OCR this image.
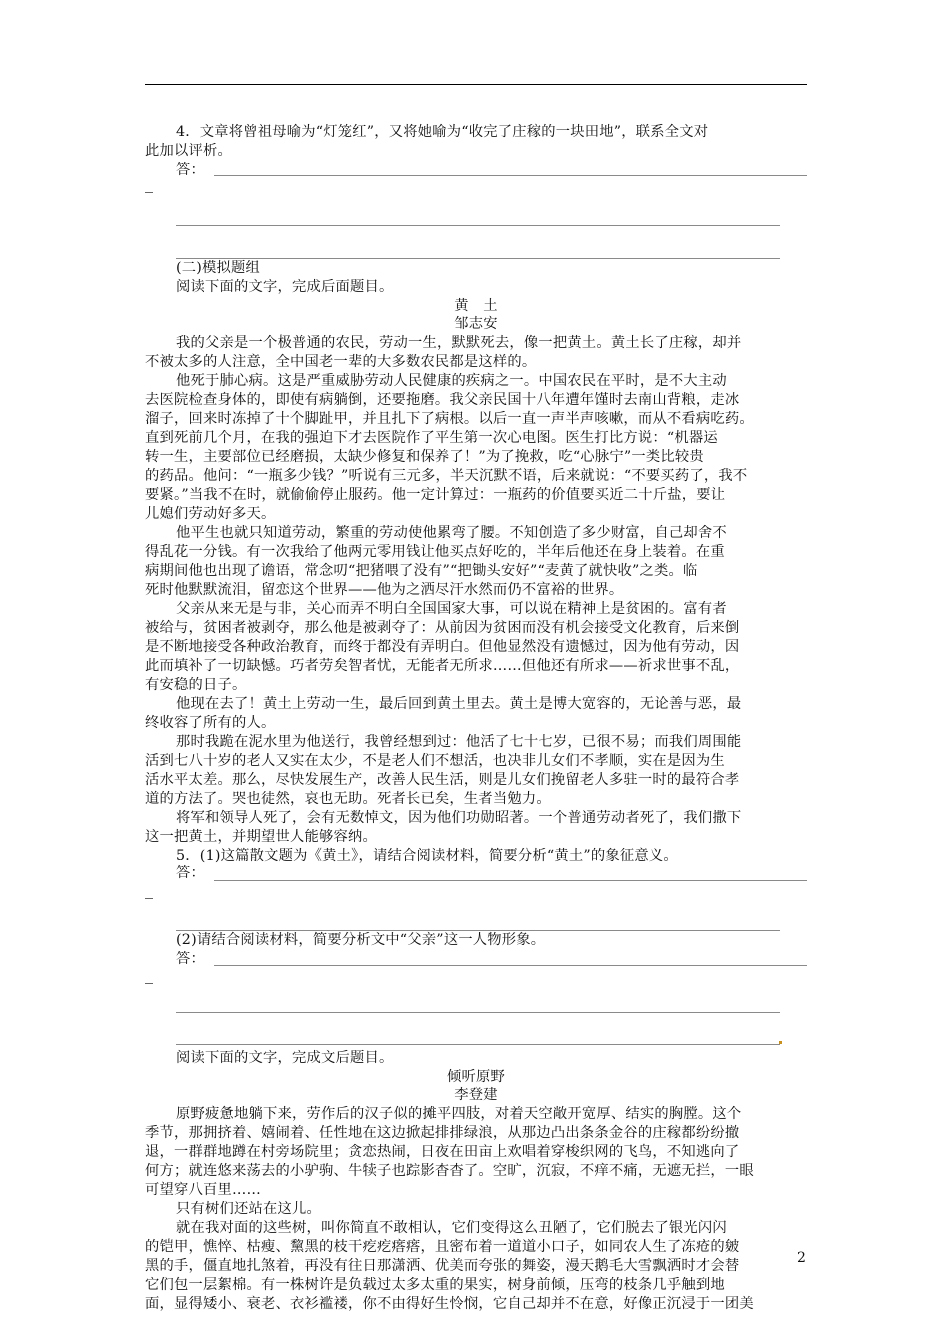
4．文章将曾祖母喻为“灯笼红”，又将她喻为“收完了庄稼的一块田地”，联系全文对
此加以评析。
答：
(二)模拟题组
阅读下面的文字，完成后面题目。
黄　土
邹志安
我的父亲是一个极普通的农民，劳动一生，默默死去，像一把黄土。黄土长了庄稼，却并
不被太多的人注意，全中国老一辈的大多数农民都是这样的。
他死于肺心病。这是严重威胁劳动人民健康的疾病之一。中国农民在平时，是不大主动
去医院检查身体的，即使有病躺倒，还要拖磨。我父亲民国十八年遭年馑时去南山背粮，走冰
溜子，回来时冻掉了十个脚趾甲，并且扎下了病根。以后一直一声半声咳嗽，而从不看病吃药。
直到死前几个月，在我的强迫下才去医院作了平生第一次心电图。医生打比方说：“机器运
转一生，主要部位已经磨损，太缺少修复和保养了！”为了挽救，吃“心脉宁”一类比较贵
的药品。他问：“一瓶多少钱？”听说有三元多，半天沉默不语，后来就说：“不要买药了，我不
要紧。”当我不在时，就偷偷停止服药。他一定计算过：一瓶药的价值要买近二十斤盐，要让
儿媳们劳动好多天。
他平生也就只知道劳动，繁重的劳动使他累弯了腰。不知创造了多少财富，自己却舍不
得乱花一分钱。有一次我给了他两元零用钱让他买点好吃的，半年后他还在身上装着。在重
病期间他也出现了谵语，常念叨“把猪喂了没有”“把锄头安好”“麦黄了就快收”之类。临
死时他默默流泪，留恋这个世界——他为之洒尽汗水然而仍不富裕的世界。
父亲从来无是与非，关心而弄不明白全国国家大事，可以说在精神上是贫困的。富有者
被给与，贫困者被剥夺，那么他是被剥夺了：从前因为贫困而没有机会接受文化教育，后来倒
是不断地接受各种政治教育，而终于都没有弄明白。但他显然没有遗憾过，因为他有劳动，因
此而填补了一切缺憾。巧者劳矣智者忧，无能者无所求……但他还有所求——祈求世事不乱，
有安稳的日子。
他现在去了！黄土上劳动一生，最后回到黄土里去。黄土是博大宽容的，无论善与恶，最
终收容了所有的人。
那时我跪在泥水里为他送行，我曾经想到过：他活了七十七岁，已很不易；而我们周围能
活到七八十岁的老人又实在太少，不是老人们不想活，也决非儿女们不孝顺，实在是因为生
活水平太差。那么，尽快发展生产，改善人民生活，则是儿女们挽留老人多驻一时的最符合孝
道的方法了。哭也徒然，哀也无助。死者长已矣，生者当勉力。
将军和领导人死了，会有无数悼文，因为他们功勋昭著。一个普通劳动者死了，我们撒下
这一把黄土，并期望世人能够容纳。
5．(1)这篇散文题为《黄土》，请结合阅读材料，简要分析“黄土”的象征意义。
答：
(2)请结合阅读材料，简要分析文中“父亲”这一人物形象。
答：
阅读下面的文字，完成文后题目。
倾听原野
李登建
原野疲惫地躺下来，劳作后的汉子似的摊平四肢，对着天空敞开宽厚、结实的胸膛。这个
季节，那拥挤着、嬉闹着、任性地在这边掀起排排绿浪，从那边凸出条条金谷的庄稼都纷纷撤
退，一群群地蹲在村旁场院里；贪恋热闹，日夜在田亩上欢唱着穿梭织网的飞鸟，不知逃向了
何方；就连悠来荡去的小驴驹、牛犊子也踪影杳杳了。空旷，沉寂，不痒不痛，无遮无拦，一眼
可望穿八百里……
只有树们还站在这儿。
就在我对面的这些树，叫你简直不敢相认，它们变得这么丑陋了，它们脱去了银光闪闪
的铠甲，憔悴、枯瘦、黧黑的枝干疙疙瘩瘩，且密布着一道道小口子，如同农人生了冻疮的皴
黑的手，僵直地扎煞着，再没有往日那潇洒、优美而夸张的舞姿，漫天鹅毛大雪飘洒时才会替
它们包一层絮棉。有一株树许是负载过太多太重的果实，树身前倾，压弯的枝条几乎触到地
面，显得矮小、衰老、衣衫褴褛，你不由得好生怜悯，它自己却并不在意，好像正沉浸于一团美
2
